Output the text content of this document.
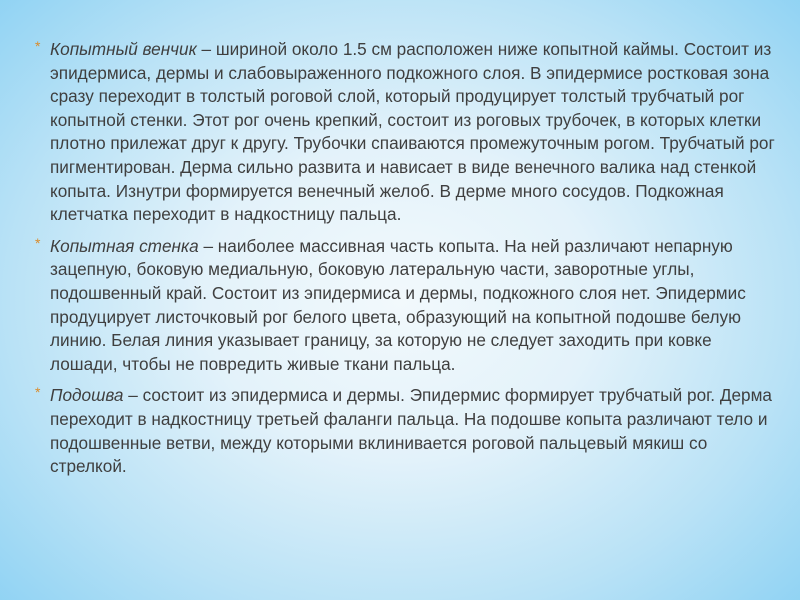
* Копытный венчик – шириной около 1.5 см расположен ниже копытной каймы. Состоит из эпидермиса, дермы и слабовыраженного подкожного слоя. В эпидермисе ростковая зона сразу переходит в толстый роговой слой, который продуцирует толстый трубчатый рог копытной стенки. Этот рог очень крепкий, состоит из роговых трубочек, в которых клетки плотно прилежат друг к другу. Трубочки спаиваются промежуточным рогом. Трубчатый рог пигментирован. Дерма сильно развита и нависает в виде венечного валика над стенкой копыта. Изнутри формируется венечный желоб. В дерме много сосудов. Подкожная клетчатка переходит в надкостницу пальца.

* Копытная стенка – наиболее массивная часть копыта. На ней различают непарную зацепную, боковую медиальную, боковую латеральную части, заворотные углы, подошвенный край. Состоит из эпидермиса и дермы, подкожного слоя нет. Эпидермис продуцирует листочковый рог белого цвета, образующий на копытной подошве белую линию. Белая линия указывает границу, за которую не следует заходить при ковке лошади, чтобы не повредить живые ткани пальца.

* Подошва – состоит из эпидермиса и дермы. Эпидермис формирует трубчатый рог. Дерма переходит в надкостницу третьей фаланги пальца. На подошве копыта различают тело и подошвенные ветви, между которыми вклинивается роговой пальцевый мякиш со стрелкой.
